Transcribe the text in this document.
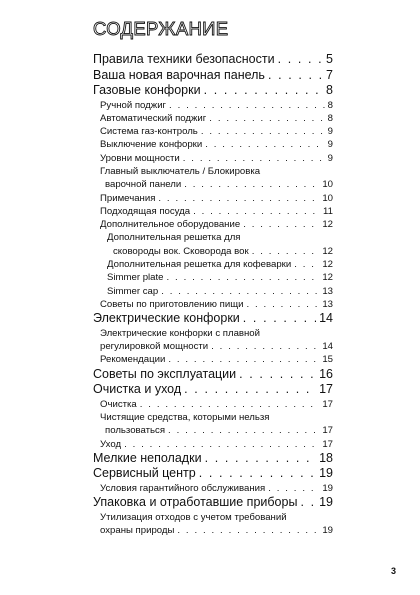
СОДЕРЖАНИЕ
Правила техники безопасности . . .	5
Ваша новая варочная панель . . .	7
Газовые конфорки . . .	8
Ручной поджиг . . .	8
Автоматический поджиг . . .	8
Система газ-контроль . . .	9
Выключение конфорки . . .	9
Уровни мощности . . .	9
Главный выключатель / Блокировка
варочной панели . . .	10
Примечания . . .	10
Подходящая посуда . . .	11
Дополнительное оборудование . . .	12
Дополнительная решетка для
сковороды вок. Сковорода вок . . .	12
Дополнительная решетка для кофеварки . . .	12
Simmer plate . . .	12
Simmer cap . . .	13
Советы по приготовлению пищи . . .	13
Электрические конфорки . . .	14
Электрические конфорки с плавной
регулировкой мощности . . .	14
Рекомендации . . .	15
Советы по эксплуатации . . .	16
Очистка и уход . . .	17
Очистка . . .	17
Чистящие средства, которыми нельзя
пользоваться . . .	17
Уход . . .	17
Мелкие неполадки . . .	18
Сервисный центр . . .	19
Условия гарантийного обслуживания . . .	19
Упаковка и отработавшие приборы . . . 19
Утилизация отходов с учетом требований
охраны природы . . .	19
3
